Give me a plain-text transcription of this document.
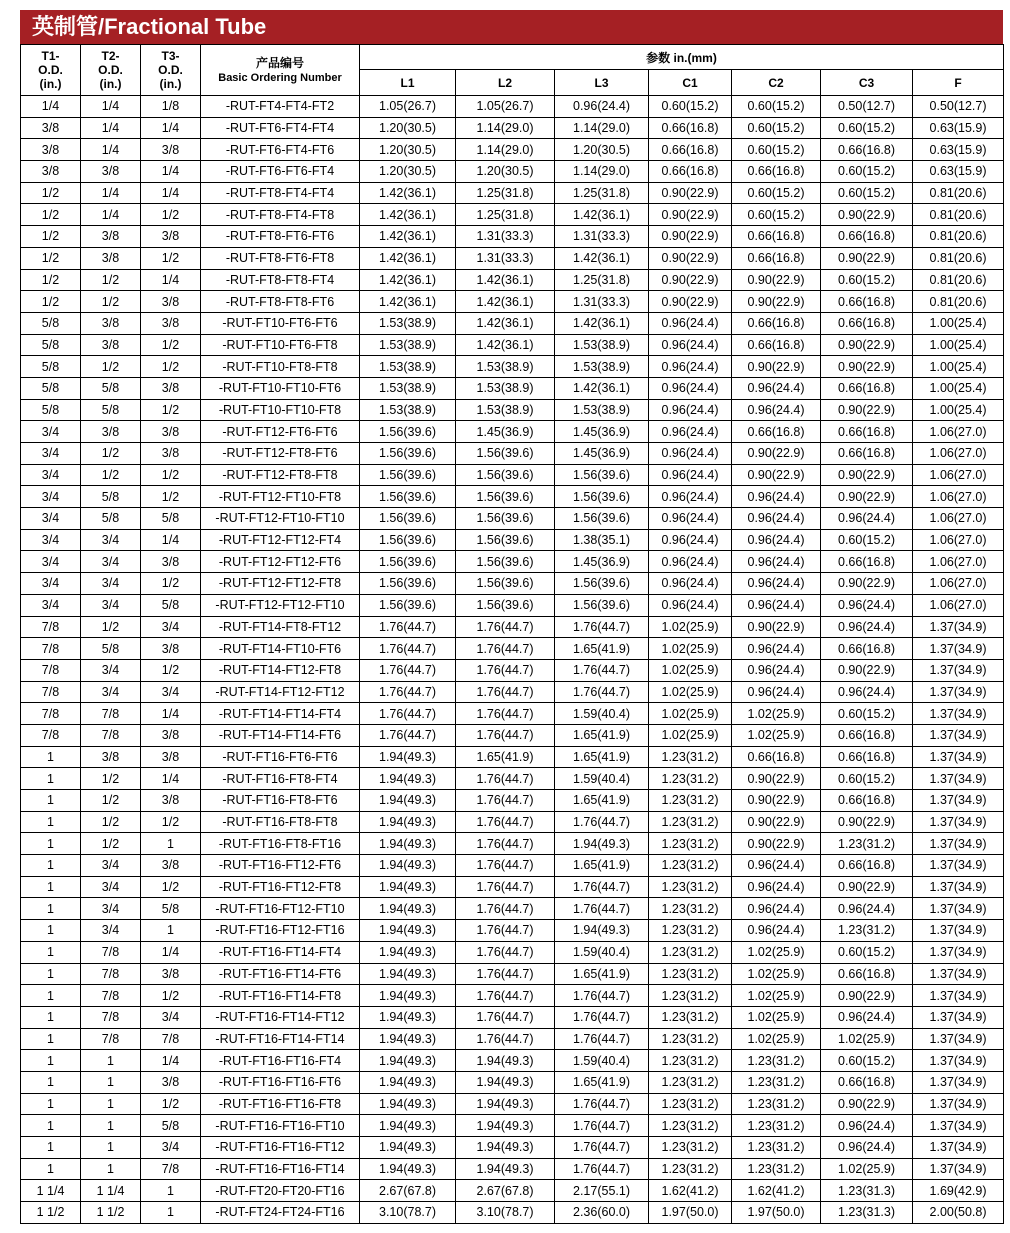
英制管/Fractional Tube
T1-
O.D.
(in.)	T2-
O.D.
(in.)	T3-
O.D.
(in.)	产品编号
Basic Ordering Number	参数 in.(mm)						
				L1	L2	L3	C1	C2	C3	F
1/4	1/4	1/8	-RUT-FT4-FT4-FT2	1.05(26.7)	1.05(26.7)	0.96(24.4)	0.60(15.2)	0.60(15.2)	0.50(12.7)	0.50(12.7)
3/8	1/4	1/4	-RUT-FT6-FT4-FT4	1.20(30.5)	1.14(29.0)	1.14(29.0)	0.66(16.8)	0.60(15.2)	0.60(15.2)	0.63(15.9)
3/8	1/4	3/8	-RUT-FT6-FT4-FT6	1.20(30.5)	1.14(29.0)	1.20(30.5)	0.66(16.8)	0.60(15.2)	0.66(16.8)	0.63(15.9)
3/8	3/8	1/4	-RUT-FT6-FT6-FT4	1.20(30.5)	1.20(30.5)	1.14(29.0)	0.66(16.8)	0.66(16.8)	0.60(15.2)	0.63(15.9)
1/2	1/4	1/4	-RUT-FT8-FT4-FT4	1.42(36.1)	1.25(31.8)	1.25(31.8)	0.90(22.9)	0.60(15.2)	0.60(15.2)	0.81(20.6)
1/2	1/4	1/2	-RUT-FT8-FT4-FT8	1.42(36.1)	1.25(31.8)	1.42(36.1)	0.90(22.9)	0.60(15.2)	0.90(22.9)	0.81(20.6)
1/2	3/8	3/8	-RUT-FT8-FT6-FT6	1.42(36.1)	1.31(33.3)	1.31(33.3)	0.90(22.9)	0.66(16.8)	0.66(16.8)	0.81(20.6)
1/2	3/8	1/2	-RUT-FT8-FT6-FT8	1.42(36.1)	1.31(33.3)	1.42(36.1)	0.90(22.9)	0.66(16.8)	0.90(22.9)	0.81(20.6)
1/2	1/2	1/4	-RUT-FT8-FT8-FT4	1.42(36.1)	1.42(36.1)	1.25(31.8)	0.90(22.9)	0.90(22.9)	0.60(15.2)	0.81(20.6)
1/2	1/2	3/8	-RUT-FT8-FT8-FT6	1.42(36.1)	1.42(36.1)	1.31(33.3)	0.90(22.9)	0.90(22.9)	0.66(16.8)	0.81(20.6)
5/8	3/8	3/8	-RUT-FT10-FT6-FT6	1.53(38.9)	1.42(36.1)	1.42(36.1)	0.96(24.4)	0.66(16.8)	0.66(16.8)	1.00(25.4)
5/8	3/8	1/2	-RUT-FT10-FT6-FT8	1.53(38.9)	1.42(36.1)	1.53(38.9)	0.96(24.4)	0.66(16.8)	0.90(22.9)	1.00(25.4)
5/8	1/2	1/2	-RUT-FT10-FT8-FT8	1.53(38.9)	1.53(38.9)	1.53(38.9)	0.96(24.4)	0.90(22.9)	0.90(22.9)	1.00(25.4)
5/8	5/8	3/8	-RUT-FT10-FT10-FT6	1.53(38.9)	1.53(38.9)	1.42(36.1)	0.96(24.4)	0.96(24.4)	0.66(16.8)	1.00(25.4)
5/8	5/8	1/2	-RUT-FT10-FT10-FT8	1.53(38.9)	1.53(38.9)	1.53(38.9)	0.96(24.4)	0.96(24.4)	0.90(22.9)	1.00(25.4)
3/4	3/8	3/8	-RUT-FT12-FT6-FT6	1.56(39.6)	1.45(36.9)	1.45(36.9)	0.96(24.4)	0.66(16.8)	0.66(16.8)	1.06(27.0)
3/4	1/2	3/8	-RUT-FT12-FT8-FT6	1.56(39.6)	1.56(39.6)	1.45(36.9)	0.96(24.4)	0.90(22.9)	0.66(16.8)	1.06(27.0)
3/4	1/2	1/2	-RUT-FT12-FT8-FT8	1.56(39.6)	1.56(39.6)	1.56(39.6)	0.96(24.4)	0.90(22.9)	0.90(22.9)	1.06(27.0)
3/4	5/8	1/2	-RUT-FT12-FT10-FT8	1.56(39.6)	1.56(39.6)	1.56(39.6)	0.96(24.4)	0.96(24.4)	0.90(22.9)	1.06(27.0)
3/4	5/8	5/8	-RUT-FT12-FT10-FT10	1.56(39.6)	1.56(39.6)	1.56(39.6)	0.96(24.4)	0.96(24.4)	0.96(24.4)	1.06(27.0)
3/4	3/4	1/4	-RUT-FT12-FT12-FT4	1.56(39.6)	1.56(39.6)	1.38(35.1)	0.96(24.4)	0.96(24.4)	0.60(15.2)	1.06(27.0)
3/4	3/4	3/8	-RUT-FT12-FT12-FT6	1.56(39.6)	1.56(39.6)	1.45(36.9)	0.96(24.4)	0.96(24.4)	0.66(16.8)	1.06(27.0)
3/4	3/4	1/2	-RUT-FT12-FT12-FT8	1.56(39.6)	1.56(39.6)	1.56(39.6)	0.96(24.4)	0.96(24.4)	0.90(22.9)	1.06(27.0)
3/4	3/4	5/8	-RUT-FT12-FT12-FT10	1.56(39.6)	1.56(39.6)	1.56(39.6)	0.96(24.4)	0.96(24.4)	0.96(24.4)	1.06(27.0)
7/8	1/2	3/4	-RUT-FT14-FT8-FT12	1.76(44.7)	1.76(44.7)	1.76(44.7)	1.02(25.9)	0.90(22.9)	0.96(24.4)	1.37(34.9)
7/8	5/8	3/8	-RUT-FT14-FT10-FT6	1.76(44.7)	1.76(44.7)	1.65(41.9)	1.02(25.9)	0.96(24.4)	0.66(16.8)	1.37(34.9)
7/8	3/4	1/2	-RUT-FT14-FT12-FT8	1.76(44.7)	1.76(44.7)	1.76(44.7)	1.02(25.9)	0.96(24.4)	0.90(22.9)	1.37(34.9)
7/8	3/4	3/4	-RUT-FT14-FT12-FT12	1.76(44.7)	1.76(44.7)	1.76(44.7)	1.02(25.9)	0.96(24.4)	0.96(24.4)	1.37(34.9)
7/8	7/8	1/4	-RUT-FT14-FT14-FT4	1.76(44.7)	1.76(44.7)	1.59(40.4)	1.02(25.9)	1.02(25.9)	0.60(15.2)	1.37(34.9)
7/8	7/8	3/8	-RUT-FT14-FT14-FT6	1.76(44.7)	1.76(44.7)	1.65(41.9)	1.02(25.9)	1.02(25.9)	0.66(16.8)	1.37(34.9)
1	3/8	3/8	-RUT-FT16-FT6-FT6	1.94(49.3)	1.65(41.9)	1.65(41.9)	1.23(31.2)	0.66(16.8)	0.66(16.8)	1.37(34.9)
1	1/2	1/4	-RUT-FT16-FT8-FT4	1.94(49.3)	1.76(44.7)	1.59(40.4)	1.23(31.2)	0.90(22.9)	0.60(15.2)	1.37(34.9)
1	1/2	3/8	-RUT-FT16-FT8-FT6	1.94(49.3)	1.76(44.7)	1.65(41.9)	1.23(31.2)	0.90(22.9)	0.66(16.8)	1.37(34.9)
1	1/2	1/2	-RUT-FT16-FT8-FT8	1.94(49.3)	1.76(44.7)	1.76(44.7)	1.23(31.2)	0.90(22.9)	0.90(22.9)	1.37(34.9)
1	1/2	1	-RUT-FT16-FT8-FT16	1.94(49.3)	1.76(44.7)	1.94(49.3)	1.23(31.2)	0.90(22.9)	1.23(31.2)	1.37(34.9)
1	3/4	3/8	-RUT-FT16-FT12-FT6	1.94(49.3)	1.76(44.7)	1.65(41.9)	1.23(31.2)	0.96(24.4)	0.66(16.8)	1.37(34.9)
1	3/4	1/2	-RUT-FT16-FT12-FT8	1.94(49.3)	1.76(44.7)	1.76(44.7)	1.23(31.2)	0.96(24.4)	0.90(22.9)	1.37(34.9)
1	3/4	5/8	-RUT-FT16-FT12-FT10	1.94(49.3)	1.76(44.7)	1.76(44.7)	1.23(31.2)	0.96(24.4)	0.96(24.4)	1.37(34.9)
1	3/4	1	-RUT-FT16-FT12-FT16	1.94(49.3)	1.76(44.7)	1.94(49.3)	1.23(31.2)	0.96(24.4)	1.23(31.2)	1.37(34.9)
1	7/8	1/4	-RUT-FT16-FT14-FT4	1.94(49.3)	1.76(44.7)	1.59(40.4)	1.23(31.2)	1.02(25.9)	0.60(15.2)	1.37(34.9)
1	7/8	3/8	-RUT-FT16-FT14-FT6	1.94(49.3)	1.76(44.7)	1.65(41.9)	1.23(31.2)	1.02(25.9)	0.66(16.8)	1.37(34.9)
1	7/8	1/2	-RUT-FT16-FT14-FT8	1.94(49.3)	1.76(44.7)	1.76(44.7)	1.23(31.2)	1.02(25.9)	0.90(22.9)	1.37(34.9)
1	7/8	3/4	-RUT-FT16-FT14-FT12	1.94(49.3)	1.76(44.7)	1.76(44.7)	1.23(31.2)	1.02(25.9)	0.96(24.4)	1.37(34.9)
1	7/8	7/8	-RUT-FT16-FT14-FT14	1.94(49.3)	1.76(44.7)	1.76(44.7)	1.23(31.2)	1.02(25.9)	1.02(25.9)	1.37(34.9)
1	1	1/4	-RUT-FT16-FT16-FT4	1.94(49.3)	1.94(49.3)	1.59(40.4)	1.23(31.2)	1.23(31.2)	0.60(15.2)	1.37(34.9)
1	1	3/8	-RUT-FT16-FT16-FT6	1.94(49.3)	1.94(49.3)	1.65(41.9)	1.23(31.2)	1.23(31.2)	0.66(16.8)	1.37(34.9)
1	1	1/2	-RUT-FT16-FT16-FT8	1.94(49.3)	1.94(49.3)	1.76(44.7)	1.23(31.2)	1.23(31.2)	0.90(22.9)	1.37(34.9)
1	1	5/8	-RUT-FT16-FT16-FT10	1.94(49.3)	1.94(49.3)	1.76(44.7)	1.23(31.2)	1.23(31.2)	0.96(24.4)	1.37(34.9)
1	1	3/4	-RUT-FT16-FT16-FT12	1.94(49.3)	1.94(49.3)	1.76(44.7)	1.23(31.2)	1.23(31.2)	0.96(24.4)	1.37(34.9)
1	1	7/8	-RUT-FT16-FT16-FT14	1.94(49.3)	1.94(49.3)	1.76(44.7)	1.23(31.2)	1.23(31.2)	1.02(25.9)	1.37(34.9)
1 1/4	1 1/4	1	-RUT-FT20-FT20-FT16	2.67(67.8)	2.67(67.8)	2.17(55.1)	1.62(41.2)	1.62(41.2)	1.23(31.3)	1.69(42.9)
1 1/2	1 1/2	1	-RUT-FT24-FT24-FT16	3.10(78.7)	3.10(78.7)	2.36(60.0)	1.97(50.0)	1.97(50.0)	1.23(31.3)	2.00(50.8)
